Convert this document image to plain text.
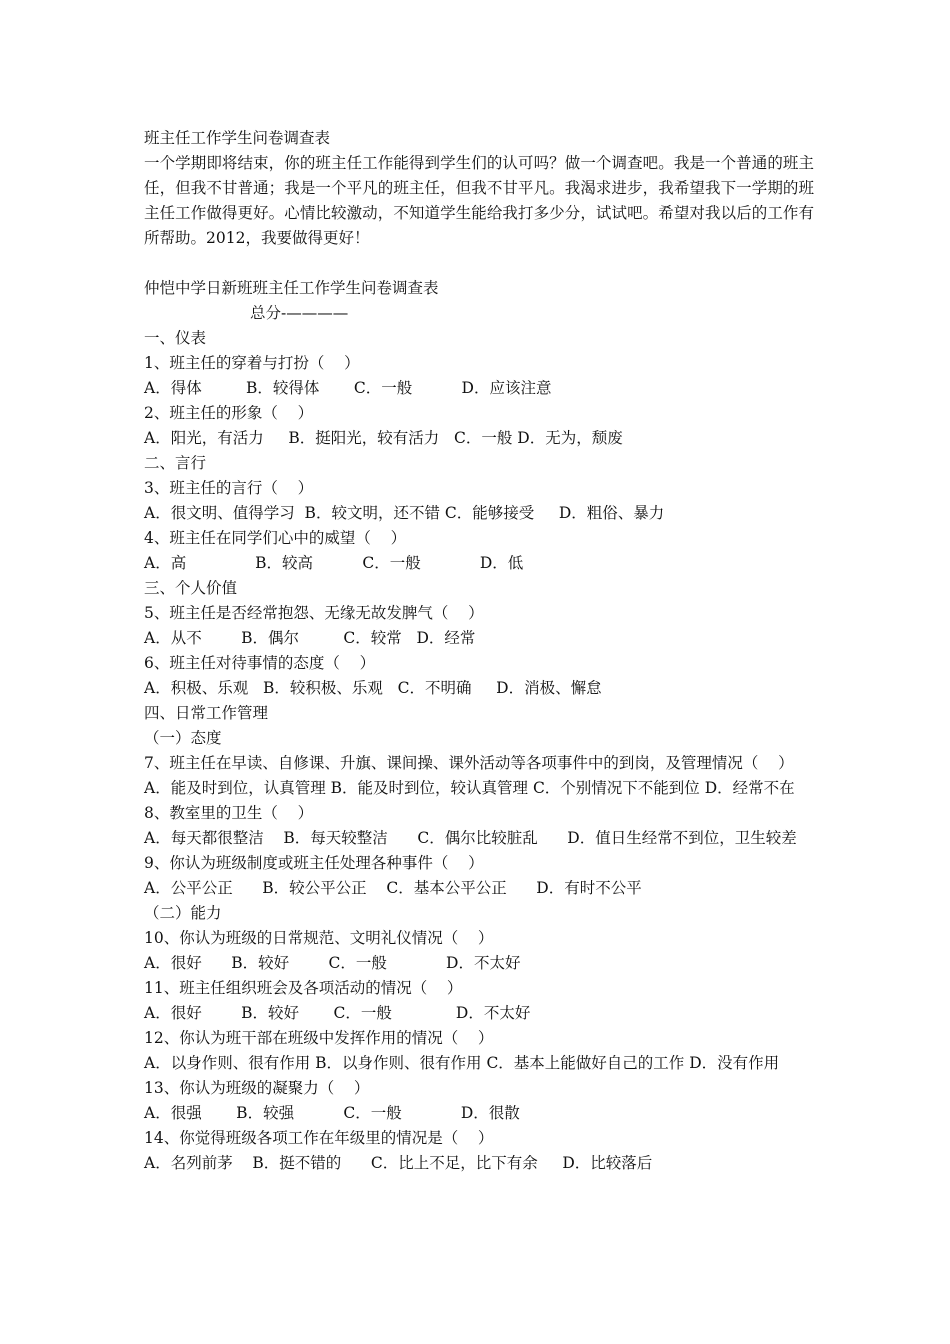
班主任工作学生问卷调查表
一个学期即将结束，你的班主任工作能得到学生们的认可吗？做一个调查吧。我是一个普通的班主任，但我不甘普通；我是一个平凡的班主任，但我不甘平凡。我渴求进步，我希望我下一学期的班主任工作做得更好。心情比较激动，不知道学生能给我打多少分，试试吧。希望对我以后的工作有所帮助。2012，我要做得更好！
仲恺中学日新班班主任工作学生问卷调查表
总分-————
一、仪表
1、班主任的穿着与打扮（    ）
A．得体         B．较得体       C．一般          D．应该注意
2、班主任的形象（    ）
A．阳光，有活力     B．挺阳光，较有活力   C．一般 D．无为，颓废
二、言行
3、班主任的言行（    ）
A．很文明、值得学习  B．较文明，还不错 C．能够接受     D．粗俗、暴力
4、班主任在同学们心中的威望（    ）
A．高              B．较高          C．一般            D．低
三、个人价值
5、班主任是否经常抱怨、无缘无故发脾气（    ）
A．从不        B．偶尔         C．较常   D．经常
6、班主任对待事情的态度（    ）
A．积极、乐观   B．较积极、乐观   C．不明确     D．消极、懈怠
四、日常工作管理
（一）态度
7、班主任在早读、自修课、升旗、课间操、课外活动等各项事件中的到岗，及管理情况（    ）
A．能及时到位，认真管理 B．能及时到位，较认真管理 C．个别情况下不能到位 D．经常不在
8、教室里的卫生（    ）
A．每天都很整洁    B．每天较整洁      C．偶尔比较脏乱      D．值日生经常不到位，卫生较差
9、你认为班级制度或班主任处理各种事件（    ）
A．公平公正      B．较公平公正    C．基本公平公正      D．有时不公平
（二）能力
10、你认为班级的日常规范、文明礼仪情况（    ）
A．很好      B．较好        C．一般            D．不太好
11、班主任组织班会及各项活动的情况（    ）
A．很好        B．较好       C．一般             D．不太好
12、你认为班干部在班级中发挥作用的情况（    ）
A．以身作则、很有作用 B．以身作则、很有作用 C．基本上能做好自己的工作 D．没有作用
13、你认为班级的凝聚力（    ）
A．很强       B．较强          C．一般            D．很散
14、你觉得班级各项工作在年级里的情况是（    ）
A．名列前茅    B．挺不错的      C．比上不足，比下有余     D．比较落后
